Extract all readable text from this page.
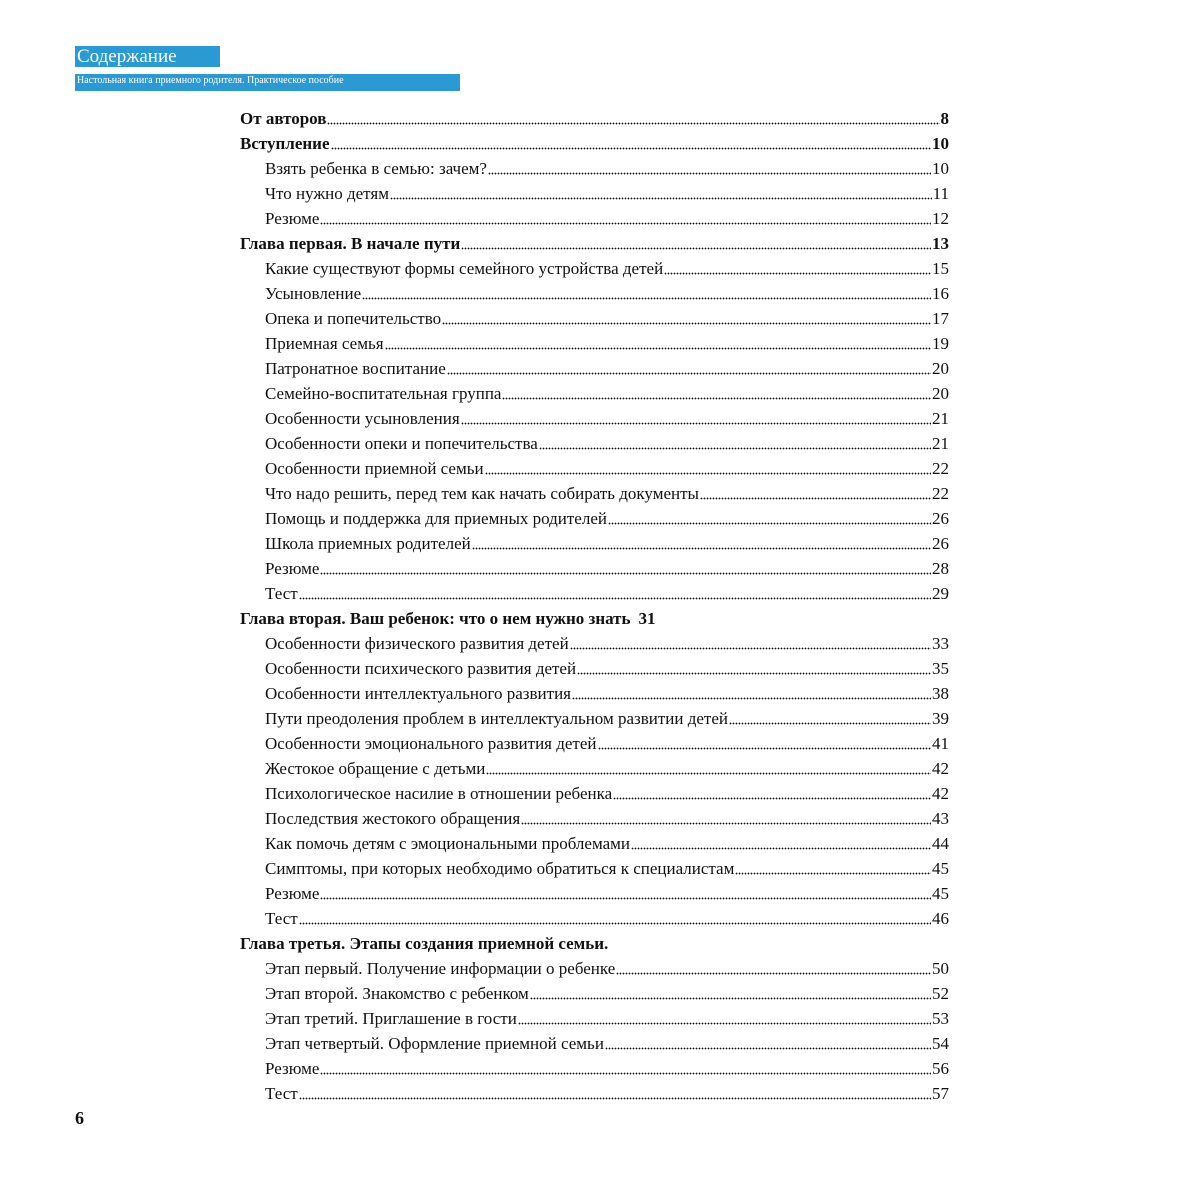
Содержание
Настольная книга приемного родителя. Практическое пособие
От авторов	8
Вступление	10
Взять ребенка в семью: зачем?	10
Что нужно детям	11
Резюме	12
Глава первая. В начале пути	13
Какие существуют формы семейного устройства детей	15
Усыновление	16
Опека и попечительство	17
Приемная семья	19
Патронатное воспитание	20
Семейно-воспитательная группа	20
Особенности усыновления	21
Особенности опеки и попечительства	21
Особенности приемной семьи	22
Что надо решить, перед тем как начать собирать документы	22
Помощь и поддержка для приемных родителей	26
Школа приемных родителей	26
Резюме	28
Тест	29
Глава вторая. Ваш ребенок: что о нем нужно знать 31
Особенности физического развития детей	33
Особенности психического развития детей	35
Особенности интеллектуального развития	38
Пути преодоления проблем в интеллектуальном развитии детей	39
Особенности эмоционального развития детей	41
Жестокое обращение с детьми	42
Психологическое насилие в отношении ребенка	42
Последствия жестокого обращения	43
Как помочь детям с эмоциональными проблемами	44
Симптомы, при которых необходимо обратиться к специалистам	45
Резюме	45
Тест	46
Глава третья. Этапы создания приемной семьи.
Этап первый. Получение информации о ребенке	50
Этап второй. Знакомство с ребенком	52
Этап третий. Приглашение в гости	53
Этап четвертый. Оформление приемной семьи	54
Резюме	56
Тест	57
6
